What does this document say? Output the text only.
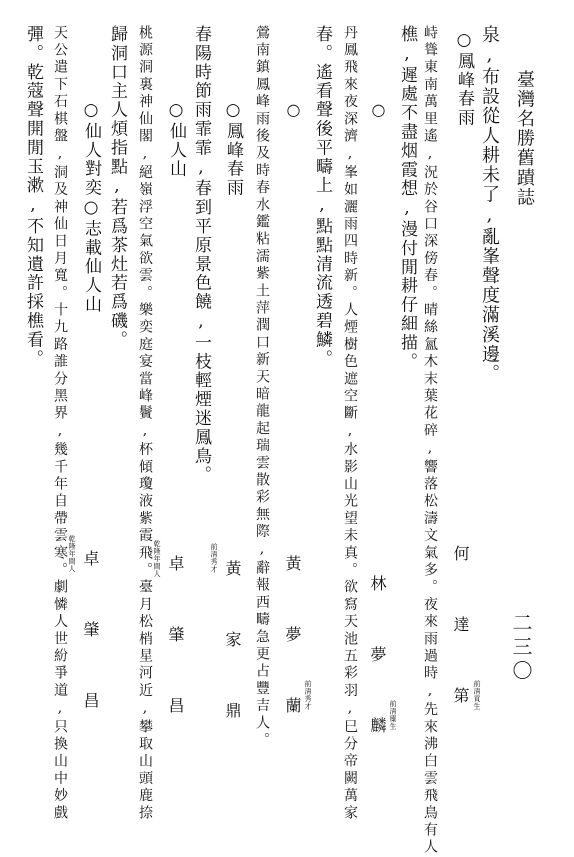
臺灣名勝舊蹟誌
二三〇
泉,布設從人耕未了,亂峯聲度滿溪邊。
○鳳峰春雨
峙聳東南萬里遙,況於谷口深傍春。晴絲氳木末葉花碎,響落松濤文氣多。夜來雨過時,先來沸白雲飛鳥有人
樵,遲處不盡烟霞想,漫付閒耕仔細描。
○
丹鳳飛來夜深濟,峯如灑雨四時新。人煙樹色遮空斷,水影山光望未真。欲寫天池五彩羽,巳分帝闕萬家
春。遙看聲後平疇上,點點清流透碧鱗。
○
鶯南鎮鳳峰雨後及時春水鑑粘濡紫土萍潤口新天暗龍起瑞雲散彩無際,辭報西疇急更占豐吉人。
○鳳峰春雨
春陽時節雨霏霏,春到平原景色饒,一枝輕煙迷鳳鳥。
○仙人山
桃源洞裏神仙閣,絕嶺浮空氣欲雲。樂奕庭宴當峰鬢,杯傾瓊液紫霞飛。臺月松梢星河近,攀取山頭鹿捺
歸洞口主人煩指點,若爲茶灶若爲磯。
○仙人對奕○志載仙人山
天公遣下石棋盤,洞及神仙日月寬。十九路誰分黑界,幾千年自帶雲寒。劇憐人世紛爭道,只換山中妙戲
彈。乾蔻聲開閒玉漱,不知遺許採樵看。
何 達 第 前清貢生
林 夢 麟 前清廩生
黃 夢 蘭 前清秀才
黃 家 鼎
前清秀才
卓 肇 昌
乾隆年間人
卓 肇 昌
乾隆年間人
